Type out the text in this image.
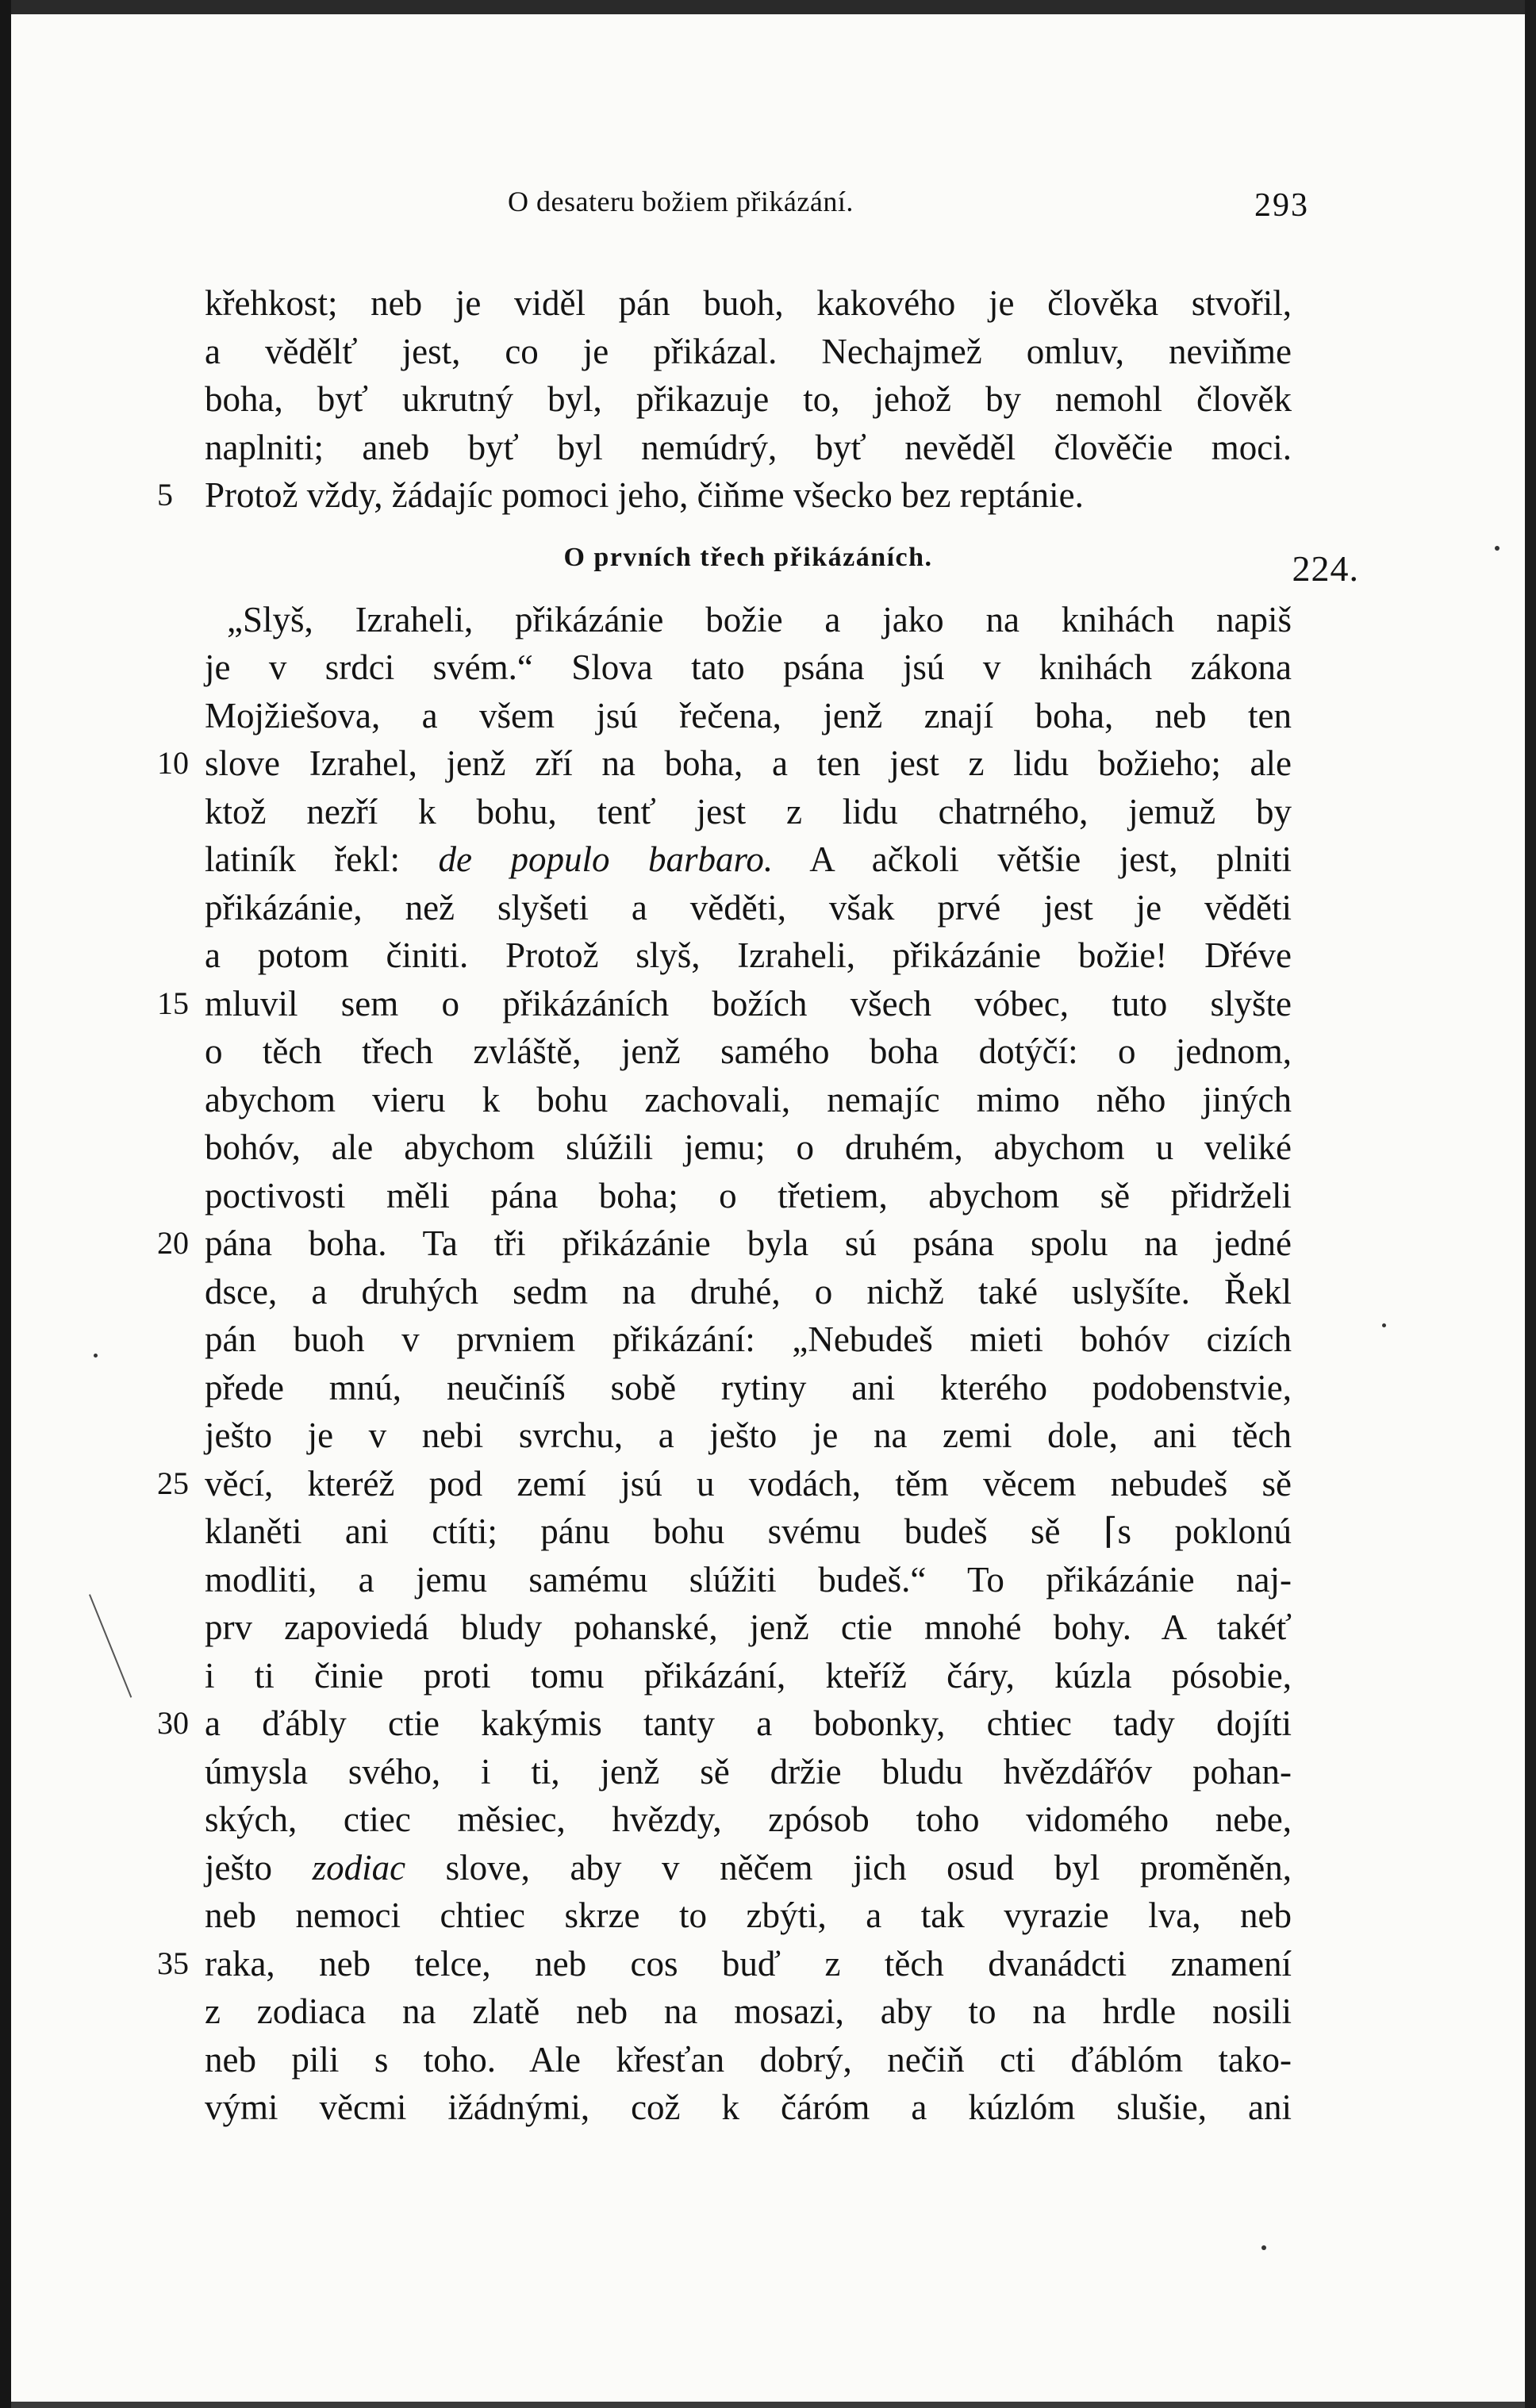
O desateru božiem přikázání.	293
křehkost; neb je viděl pán buoh, kakového je člověka stvořil,
a vědělť jest, co je přikázal. Nechajmež omluv, neviňme
boha, byť ukrutný byl, přikazuje to, jehož by nemohl člověk
naplniti; aneb byť byl nemúdrý, byť nevěděl člověčie moci.
5 Protož vždy, žádajíc pomoci jeho, čiňme všecko bez reptánie.
O prvních třech přikázáních.	224.
„Slyš, Izraheli, přikázánie božie a jako na knihách napiš
je v srdci svém.“ Slova tato psána jsú v knihách zákona
Mojžiešova, a všem jsú řečena, jenž znají boha, neb ten
10 slove Izrahel, jenž zří na boha, a ten jest z lidu božieho; ale
ktož nezří k bohu, tenť jest z lidu chatrného, jemuž by
latiník řekl: de populo barbaro. A ačkoli většie jest, plniti
přikázánie, než slyšeti a věděti, však prvé jest je věděti
a potom činiti. Protož slyš, Izraheli, přikázánie božie! Dřéve
15 mluvil sem o přikázáních božích všech vóbec, tuto slyšte
o těch třech zvláště, jenž samého boha dotýčí: o jednom,
abychom vieru k bohu zachovali, nemajíc mimo něho jiných
bohóv, ale abychom slúžili jemu; o druhém, abychom u veliké
poctivosti měli pána boha; o třetiem, abychom sě přidrželi
20 pána boha. Ta tři přikázánie byla sú psána spolu na jedné
dsce, a druhých sedm na druhé, o nichž také uslyšíte. Řekl
pán buoh v prvniem přikázání: „Nebudeš mieti bohóv cizích
přede mnú, neučiníš sobě rytiny ani kterého podobenstvie,
ješto je v nebi svrchu, a ješto je na zemi dole, ani těch
25 věcí, kteréž pod zemí jsú u vodách, těm věcem nebudeš sě
klaněti ani ctíti; pánu bohu svému budeš sě ⌈s poklonú
modliti, a jemu samému slúžiti budeš.“ To přikázánie naj-
prv zapoviedá bludy pohanské, jenž ctie mnohé bohy. A takéť
i ti činie proti tomu přikázání, kteříž čáry, kúzla pósobie,
30 a ďábly ctie kakýmis tanty a bobonky, chtiec tady dojíti
úmysla svého, i ti, jenž sě držie bludu hvězdářóv pohan-
ských, ctiec měsiec, hvězdy, zpósob toho vidomého nebe,
ješto zodiac slove, aby v něčem jich osud byl proměněn,
neb nemoci chtiec skrze to zbýti, a tak vyrazie lva, neb
35 raka, neb telce, neb cos buď z těch dvanádcti znamení
z zodiaca na zlatě neb na mosazi, aby to na hrdle nosili
neb pili s toho. Ale křesťan dobrý, nečiň cti ďáblóm tako-
vými věcmi ižádnými, což k čáróm a kúzlóm slušie, ani
